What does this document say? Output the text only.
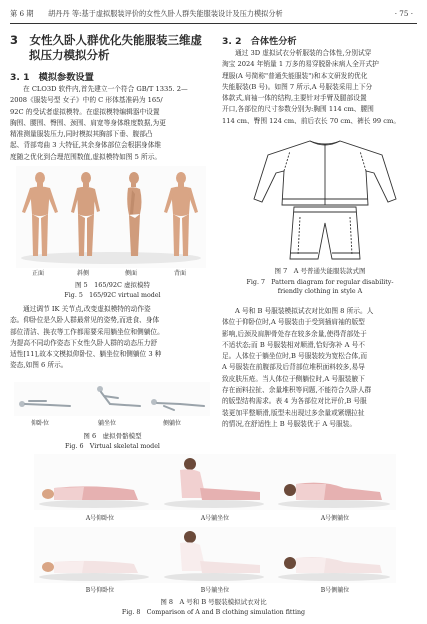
第 6 期 胡丹丹 等:基于虚拟服装评价的女性久卧人群失能服装设计及压力模拟分析	· 75 ·
3　女性久卧人群优化失能服装三维虚
拟压力模拟分析
3. 1　模拟参数设置
在 CLO3D 软件内,首先建立一个符合 GB/T 1335. 2—
2008《服装号型 女子》中的 C 形体基准码为 165/
92C 的受试者虚拟模特。在虚拟模特编辑器中设置
胸围、腰围、臀围、颈围、肩宽等身体维度数据,为更
精准测量服装压力,同时模拟其胸部下垂、腹部凸
起、背部弯曲 3 大特征,其余身体部位会根据身体维
度随之优化到合理范围数值,虚拟模特如图 5 所示。
正面	斜侧	侧面	背面
图 5　165/92C 虚拟模特
Fig. 5　165/92C virtual model
通过调节 IK 关节点,改变虚拟模特的动作姿
态。仰卧位是久卧人群最常见的姿势,而进食、身体
部位清洁、换衣等工作都需要采用躺坐位和侧躺位。
为提高不同动作姿态下女性久卧人群的动态压力舒
适性[11],故本文模拟仰卧位、躺坐位和侧躺位 3 种
姿态,如图 6 所示。
仰卧位	躺坐位	侧躺位
图 6　虚拟骨骼模型
Fig. 6　Virtual skeletal model
3. 2　合体性分析
通过 3D 虚拟试衣分析服装的合体性,分别试穿
淘宝 2024 年销量 1 万多的易穿脱卧床病人全开式护
理服(A 号简称"普通失能服装")和本文研发的优化
失能服装(B 号)。如图 7 所示,A 号服装采用上下分
体款式,肩袖一体的结构,主要针对手臂及腿部设置
开口,各部位的尺寸参数分别为:胸围 114 cm、腰围
114 cm、臀围 124 cm、前后衣长 70 cm、裤长 99 cm。
图 7　A 号普通失能服装款式图
Fig. 7　Pattern diagram for regular disability-
friendly clothing in style A
A 号和 B 号服装模拟试衣对比如图 8 所示。人
体位于仰卧位时,A 号服装由于受到插肩袖的版型
影响,后颈及肩胛骨处存在较多余量,使得背部处于
不适状态;而 B 号服装相对顺滑,恰好弥补 A 号不
足。人体位于躺坐位时,B 号服装较为宽松合体,而
A 号服装在前腹部及后背部位堆积面料较多,易导
致皮肤压疮。当人体位于侧躺位时,A 号服装腋下
存在面料拉扯、余量堆积等问题,不能符合久卧人群
的版型结构需求。表 4 为各部位对比评价,B 号服
装更加平整顺滑,版型未出现过多余量或紧绷拉扯
的情况,在舒适性上 B 号服装优于 A 号服装。
A号仰卧位	A号躺坐位	A号侧躺位
B号仰卧位	B号躺坐位	B号侧躺位
图 8　A 号和 B 号服装模拟试衣对比
Fig. 8　Comparison of A and B clothing simulation fitting
